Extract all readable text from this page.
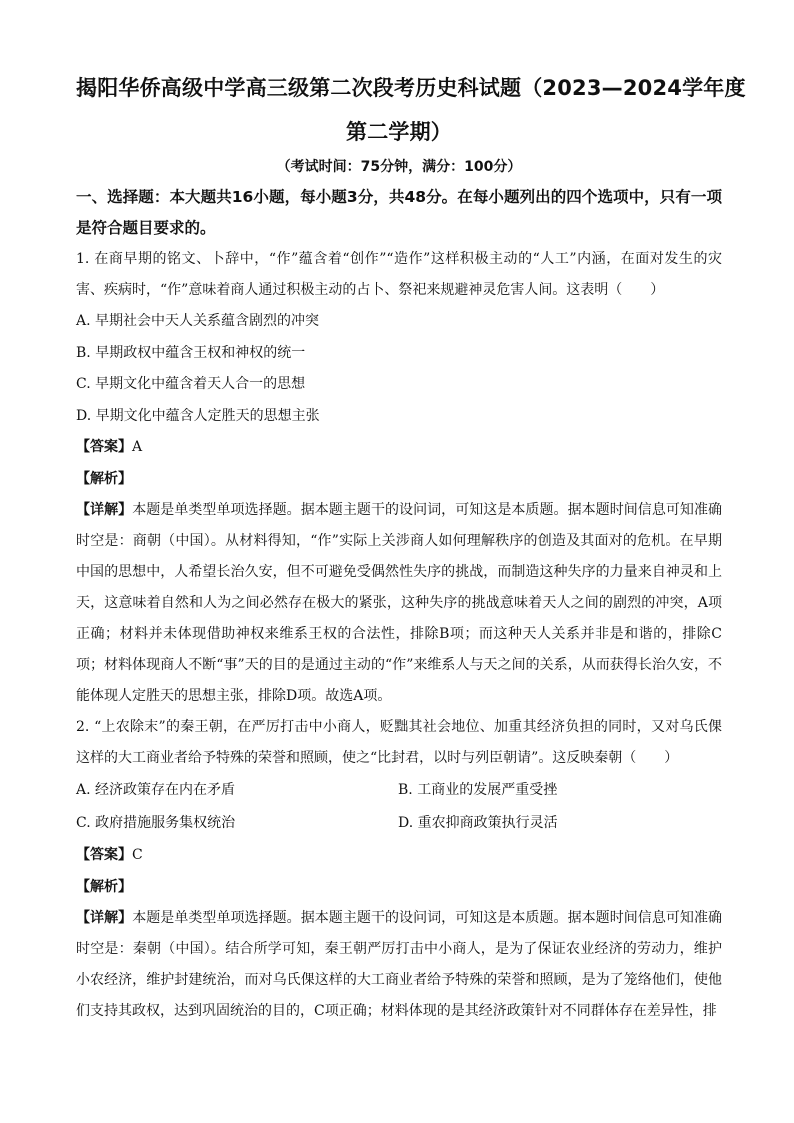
揭阳华侨高级中学高三级第二次段考历史科试题（2023—2024学年度
第二学期）
（考试时间：75分钟，满分：100分）
一、选择题：本大题共16小题，每小题3分，共48分。在每小题列出的四个选项中，只有一项是符合题目要求的。

1. 在商早期的铭文、卜辞中，“作”蕴含着“创作”“造作”这样积极主动的“人工”内涵，在面对发生的灾害、疾病时，“作”意味着商人通过积极主动的占卜、祭祀来规避神灵危害人间。这表明（　　）

A. 早期社会中天人关系蕴含剧烈的冲突

B. 早期政权中蕴含王权和神权的统一

C. 早期文化中蕴含着天人合一的思想

D. 早期文化中蕴含人定胜天的思想主张

【答案】A

【解析】

【详解】本题是单类型单项选择题。据本题主题干的设问词，可知这是本质题。据本题时间信息可知准确时空是：商朝（中国）。从材料得知，“作”实际上关涉商人如何理解秩序的创造及其面对的危机。在早期中国的思想中，人希望长治久安，但不可避免受偶然性失序的挑战，而制造这种失序的力量来自神灵和上天，这意味着自然和人为之间必然存在极大的紧张，这种失序的挑战意味着天人之间的剧烈的冲突，A项正确；材料并未体现借助神权来维系王权的合法性，排除B项；而这种天人关系并非是和谐的，排除C项；材料体现商人不断“事”天的目的是通过主动的“作”来维系人与天之间的关系，从而获得长治久安，不能体现人定胜天的思想主张，排除D项。故选A项。

2. “上农除末”的秦王朝，在严厉打击中小商人，贬黜其社会地位、加重其经济负担的同时，又对乌氏倮这样的大工商业者给予特殊的荣誉和照顾，使之“比封君，以时与列臣朝请”。这反映秦朝（　　）

A. 经济政策存在内在矛盾	B. 工商业的发展严重受挫
C. 政府措施服务集权统治	D. 重农抑商政策执行灵活

【答案】C

【解析】

【详解】本题是单类型单项选择题。据本题主题干的设问词，可知这是本质题。据本题时间信息可知准确时空是：秦朝（中国）。结合所学可知，秦王朝严厉打击中小商人，是为了保证农业经济的劳动力，维护小农经济，维护封建统治，而对乌氏倮这样的大工商业者给予特殊的荣誉和照顾，是为了笼络他们，使他们支持其政权，达到巩固统治的目的，C项正确；材料体现的是其经济政策针对不同群体存在差异性，排
